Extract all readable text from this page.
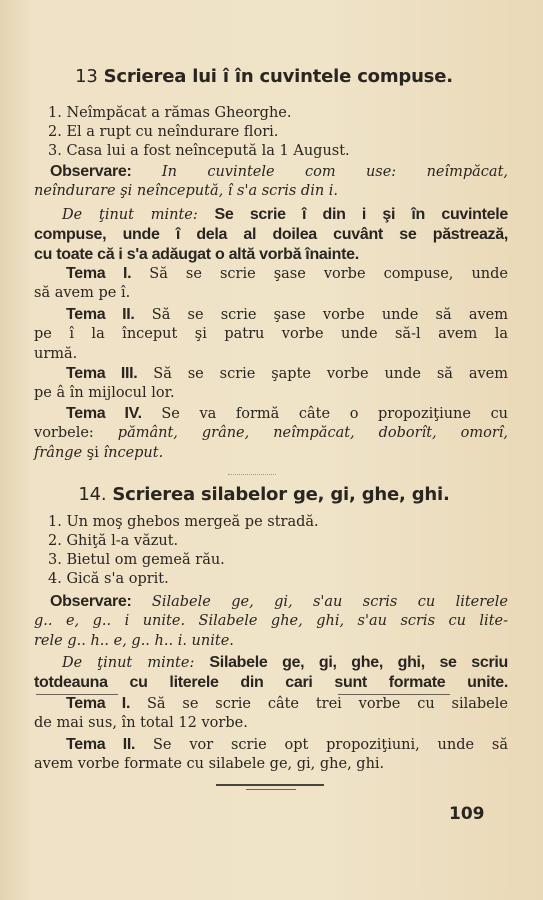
13 Scrierea lui î în cuvintele compuse.
1. Neîmpăcat a rămas Gheorghe.
2. El a rupt cu neîndurare flori.
3. Casa lui a fost neîncepută la 1 August.
Observare: In cuvintele com use: neîmpăcat,
neîndurare şi neîncepută, î s'a scris din i.
De ţinut minte: Se scrie î din i şi în cuvintele
compuse, unde î dela al doilea cuvânt se păstrează,
cu toate că i s'a adăugat o altă vorbă înainte.
Tema I. Să se scrie şase vorbe compuse, unde
să avem pe î.
Tema II. Să se scrie şase vorbe unde să avem
pe î la început şi patru vorbe unde să-l avem la
urmă.
Tema III. Să se scrie şapte vorbe unde să avem
pe â în mijlocul lor.
Tema IV. Se va formă câte o propoziţiune cu
vorbele: pământ, grâne, neîmpăcat, doborît, omorî,
frânge şi început.
14. Scrierea silabelor ge, gi, ghe, ghi.
1. Un moş ghebos mergeă pe stradă.
2. Ghiţă l-a văzut.
3. Bietul om gemeă rău.
4. Gică s'a oprit.
Observare: Silabele ge, gi, s'au scris cu literele
g.. e, g.. i unite. Silabele ghe, ghi, s'au scris cu lite-
rele g.. h.. e, g.. h.. i. unite.
De ţinut minte: Silabele ge, gi, ghe, ghi, se scriu
totdeauna cu literele din cari sunt formate unite.
Tema I. Să se scrie câte trei vorbe cu silabele
de mai sus, în total 12 vorbe.
Tema II. Se vor scrie opt propoziţiuni, unde să
avem vorbe formate cu silabele ge, gi, ghe, ghi.
109
